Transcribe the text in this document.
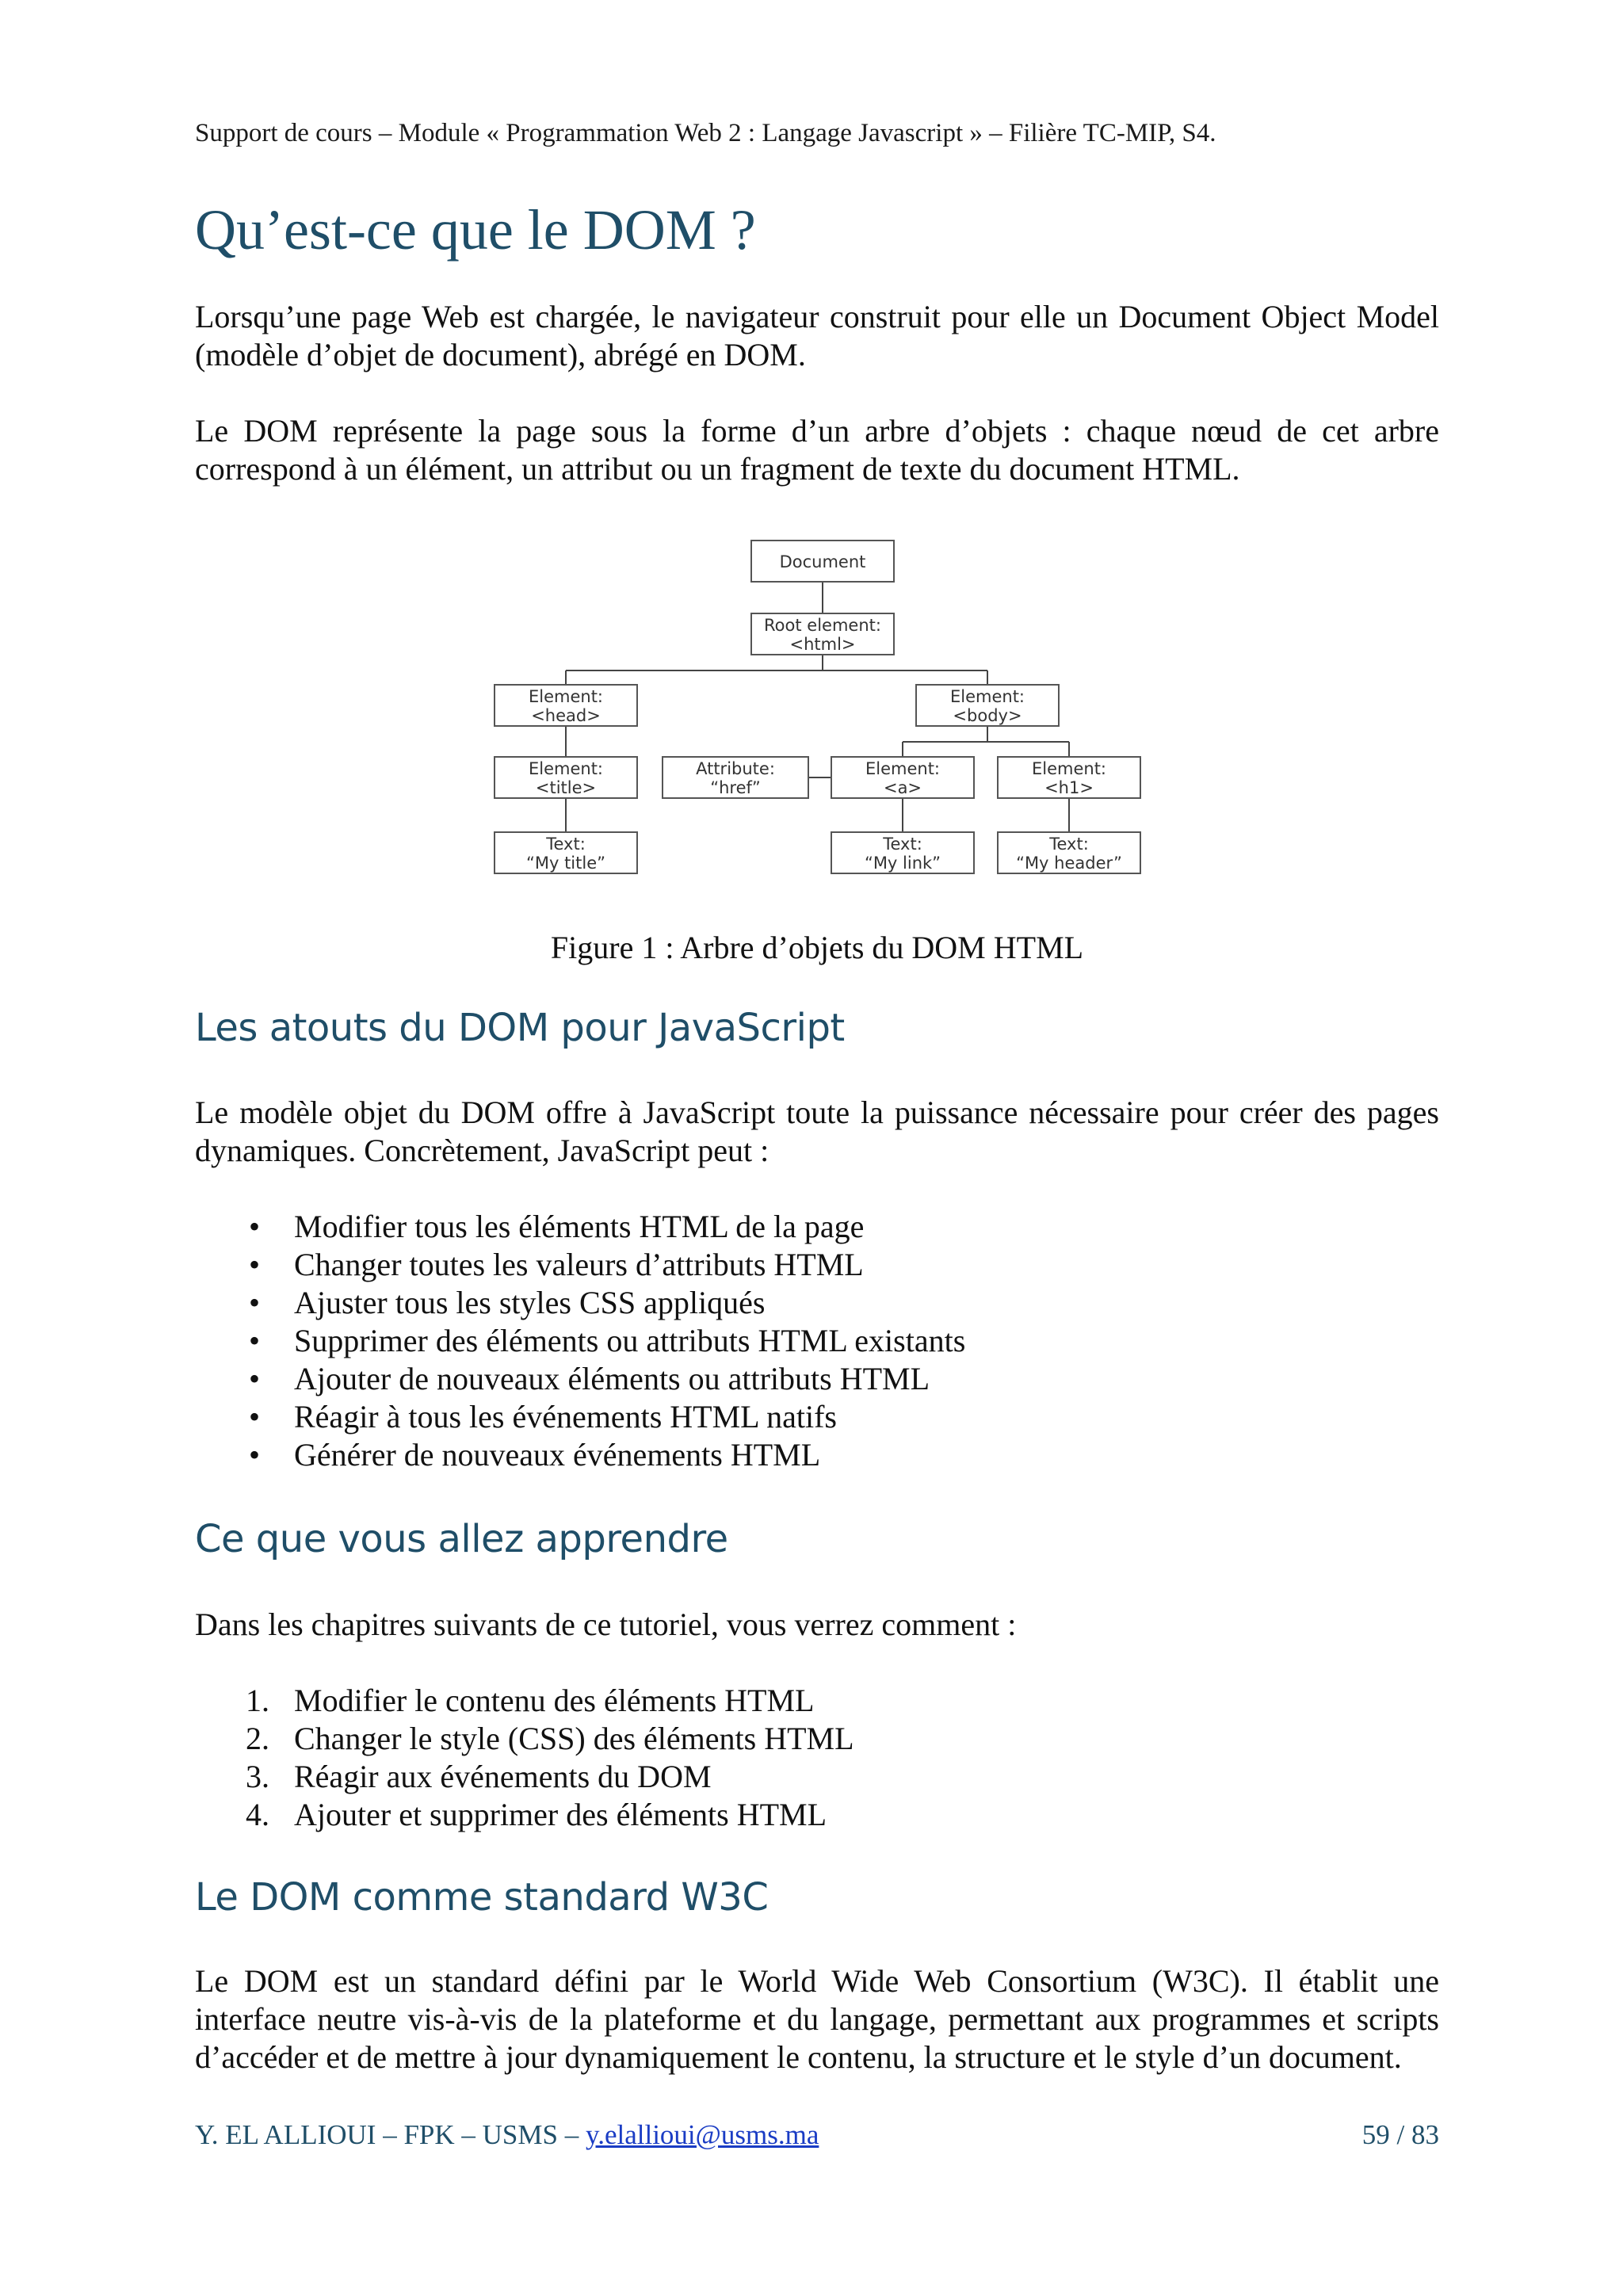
Support de cours – Module « Programmation Web 2 : Langage Javascript » – Filière TC-MIP, S4.
Qu’est-ce que le DOM ?

Lorsqu’une page Web est chargée, le navigateur construit pour elle un Document Object Model (modèle d’objet de document), abrégé en DOM.

Le DOM représente la page sous la forme d’un arbre d’objets : chaque nœud de cet arbre correspond à un élément, un attribut ou un fragment de texte du document HTML.

Document
Root element:
<html>
Element:
<head>
Element:
<body>
Element:
<title>
Attribute:
“href”
Element:
<a>
Element:
<h1>
Text:
“My title”
Text:
“My link”
Text:
“My header”
Figure 1 : Arbre d’objets du DOM HTML
Les atouts du DOM pour JavaScript

Le modèle objet du DOM offre à JavaScript toute la puissance nécessaire pour créer des pages dynamiques. Concrètement, JavaScript peut :

•	Modifier tous les éléments HTML de la page
•	Changer toutes les valeurs d’attributs HTML
•	Ajuster tous les styles CSS appliqués
•	Supprimer des éléments ou attributs HTML existants
•	Ajouter de nouveaux éléments ou attributs HTML
•	Réagir à tous les événements HTML natifs
•	Générer de nouveaux événements HTML
Ce que vous allez apprendre

Dans les chapitres suivants de ce tutoriel, vous verrez comment :

1. Modifier le contenu des éléments HTML
2. Changer le style (CSS) des éléments HTML
3. Réagir aux événements du DOM
4. Ajouter et supprimer des éléments HTML
Le DOM comme standard W3C

Le DOM est un standard défini par le World Wide Web Consortium (W3C). Il établit une interface neutre vis-à-vis de la plateforme et du langage, permettant aux programmes et scripts d’accéder et de mettre à jour dynamiquement le contenu, la structure et le style d’un document.

Y. EL ALLIOUI – FPK – USMS – y.elallioui@usms.ma	59 / 83
